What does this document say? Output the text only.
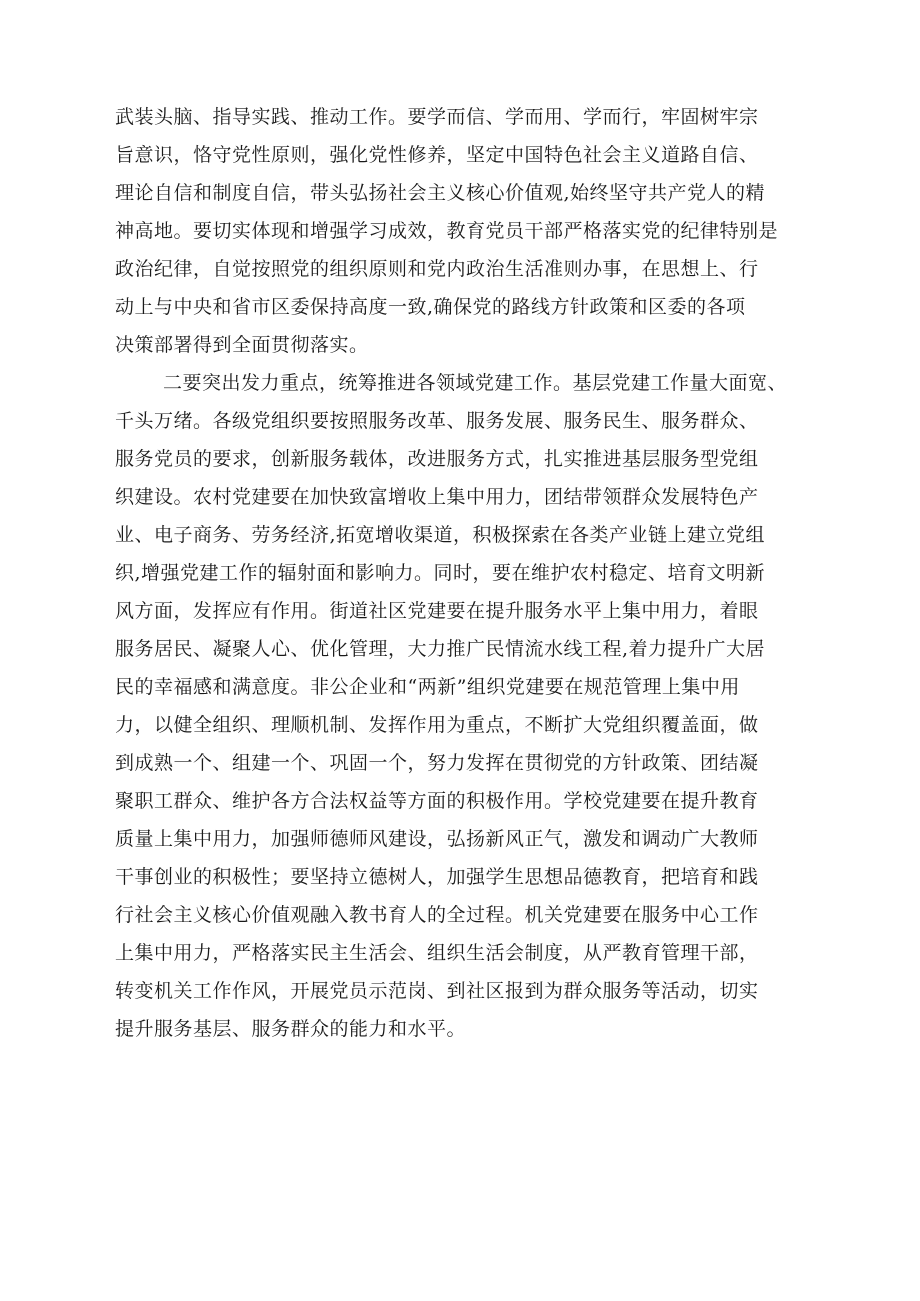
武装头脑、指导实践、推动工作。要学而信、学而用、学而行，牢固树牢宗

旨意识，恪守党性原则，强化党性修养，坚定中国特色社会主义道路自信、

理论自信和制度自信，带头弘扬社会主义核心价值观,始终坚守共产党人的精

神高地。要切实体现和增强学习成效，教育党员干部严格落实党的纪律特别是

政治纪律，自觉按照党的组织原则和党内政治生活准则办事，在思想上、行

动上与中央和省市区委保持高度一致,确保党的路线方针政策和区委的各项

决策部署得到全面贯彻落实。

二要突出发力重点，统筹推进各领域党建工作。基层党建工作量大面宽、

千头万绪。各级党组织要按照服务改革、服务发展、服务民生、服务群众、

服务党员的要求，创新服务载体，改进服务方式，扎实推进基层服务型党组

织建设。农村党建要在加快致富增收上集中用力，团结带领群众发展特色产

业、电子商务、劳务经济,拓宽增收渠道，积极探索在各类产业链上建立党组

织,增强党建工作的辐射面和影响力。同时，要在维护农村稳定、培育文明新

风方面，发挥应有作用。街道社区党建要在提升服务水平上集中用力，着眼

服务居民、凝聚人心、优化管理，大力推广民情流水线工程,着力提升广大居

民的幸福感和满意度。非公企业和“两新”组织党建要在规范管理上集中用

力，以健全组织、理顺机制、发挥作用为重点，不断扩大党组织覆盖面，做

到成熟一个、组建一个、巩固一个，努力发挥在贯彻党的方针政策、团结凝

聚职工群众、维护各方合法权益等方面的积极作用。学校党建要在提升教育

质量上集中用力，加强师德师风建设，弘扬新风正气，激发和调动广大教师

干事创业的积极性；要坚持立德树人，加强学生思想品德教育，把培育和践

行社会主义核心价值观融入教书育人的全过程。机关党建要在服务中心工作

上集中用力，严格落实民主生活会、组织生活会制度，从严教育管理干部，

转变机关工作作风，开展党员示范岗、到社区报到为群众服务等活动，切实

提升服务基层、服务群众的能力和水平。
